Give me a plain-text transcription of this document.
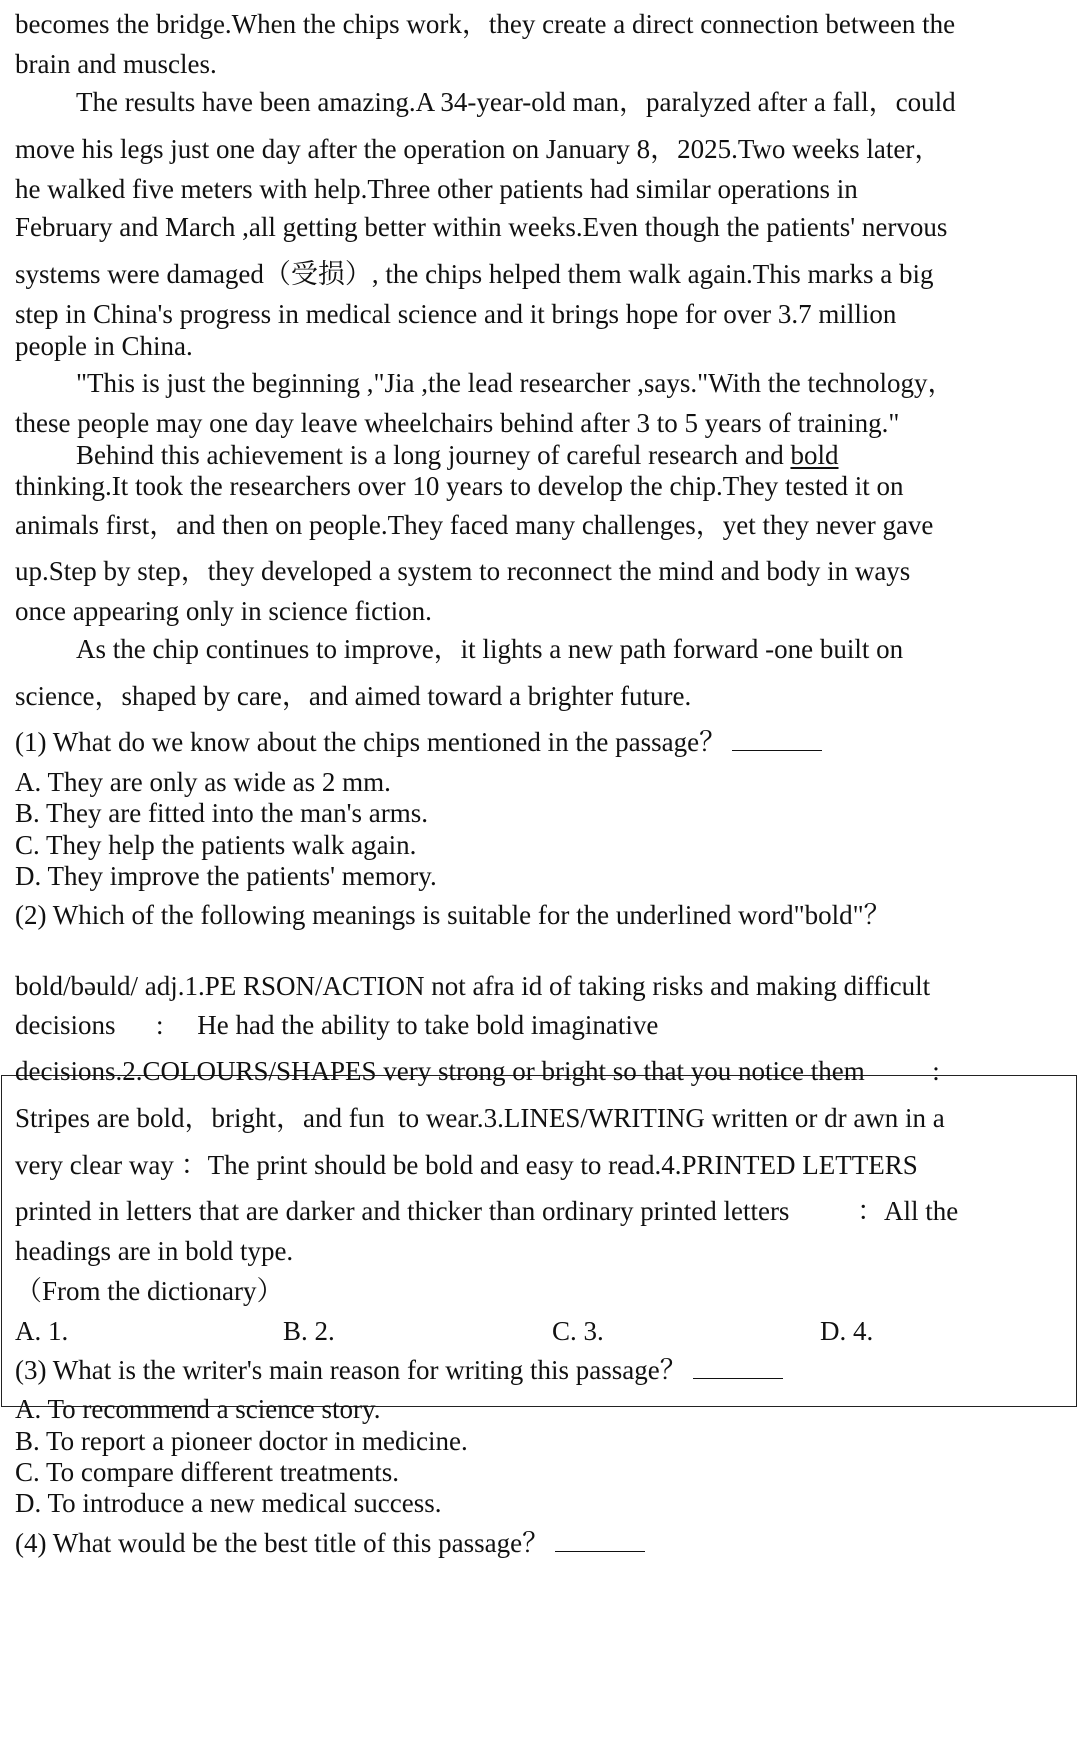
becomes the bridge.When the chips work，they create a direct connection between the
brain and muscles.
The results have been amazing.A 34-year-old man，paralyzed after a fall，could
move his legs just one day after the operation on January 8，2025.Two weeks later，
he walked five meters with help.Three other patients had similar operations in
February and March ,all getting better within weeks.Even though the patients' nervous
systems were damaged（受损）, the chips helped them walk again.This marks a big
step in China's progress in medical science and it brings hope for over 3.7 million
people in China.
"This is just the beginning ,"Jia ,the lead researcher ,says."With the technology，
these people may one day leave wheelchairs behind after 3 to 5 years of training."
Behind this achievement is a long journey of careful research and bold
thinking.It took the researchers over 10 years to develop the chip.They tested it on
animals first，and then on people.They faced many challenges，yet they never gave
up.Step by step，they developed a system to reconnect the mind and body in ways
once appearing only in science fiction.
As the chip continues to improve，it lights a new path forward -one built on
science，shaped by care，and aimed toward a brighter future.
(1) What do we know about the chips mentioned in the passage？
A. They are only as wide as 2 mm.
B. They are fitted into the man's arms.
C. They help the patients walk again.
D. They improve the patients' memory.
(2) Which of the following meanings is suitable for the underlined word"bold"？
bold/bəuld/ adj.1.PE RSON/ACTION not afra id of taking risks and making difficult
decisions      :     He had the ability to take bold imaginative
decisions.2.COLOURS/SHAPES very strong or bright so that you notice them          :
Stripes are bold，bright，and fun  to wear.3.LINES/WRITING written or dr awn in a
very clear way ：The print should be bold and easy to read.4.PRINTED LETTERS
printed in letters that are darker and thicker than ordinary printed letters          ：All the
headings are in bold type.
（From the dictionary）
A. 1.	B. 2.	C. 3.	D. 4.
(3) What is the writer's main reason for writing this passage？
A. To recommend a science story.
B. To report a pioneer doctor in medicine.
C. To compare different treatments.
D. To introduce a new medical success.
(4) What would be the best title of this passage？
